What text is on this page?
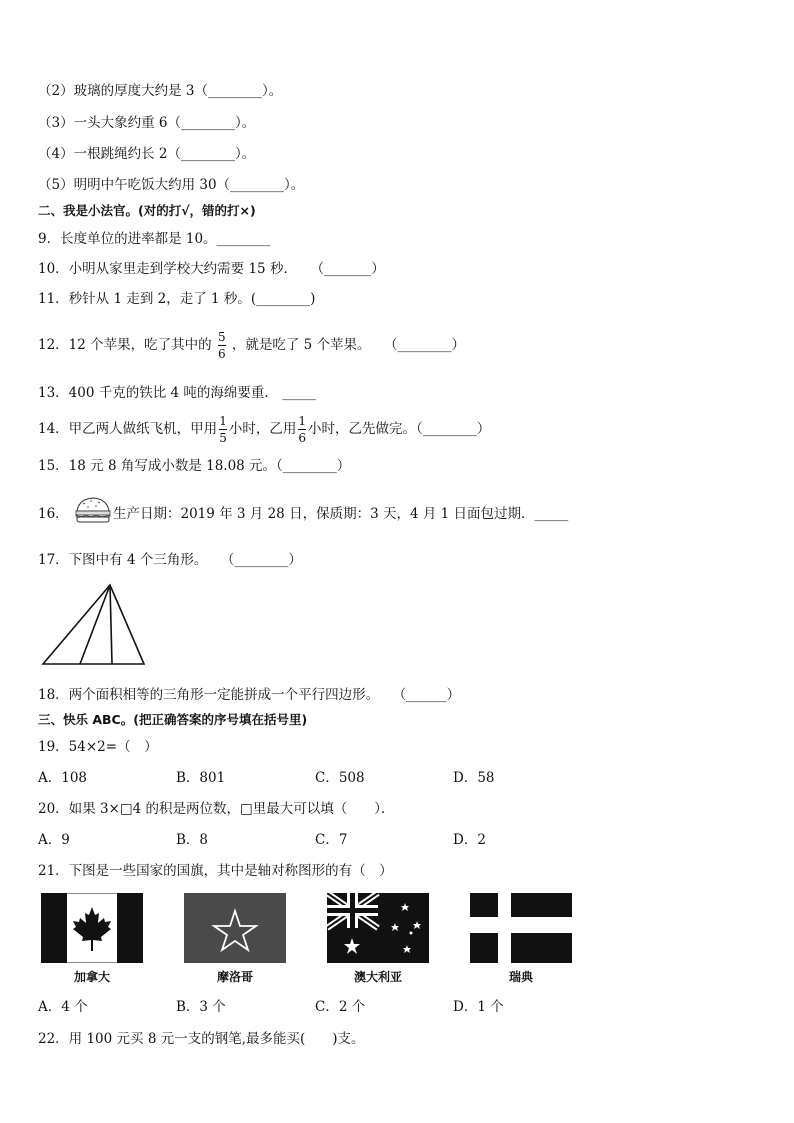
（2）玻璃的厚度大约是 3（________）。
（3）一头大象约重 6（________）。
（4）一根跳绳约长 2（________）。
（5）明明中午吃饭大约用 30（________）。
二、我是小法官。(对的打√，错的打×)
9．长度单位的进率都是 10。________
10．小明从家里走到学校大约需要 15 秒．　　（_______）
11．秒针从 1 走到 2，走了 1 秒。(________)
12．12 个苹果，吃了其中的 $\frac{5}{6}$ ，就是吃了 5 个苹果。　　（________）
13．400 千克的铁比 4 吨的海绵要重． _____
14．甲乙两人做纸飞机，甲用 $\frac{1}{5}$ 小时，乙用 $\frac{1}{6}$ 小时，乙先做完。（________）
15．18 元 8 角写成小数是 18.08 元。（________）
16．	生产日期：2019 年 3 月 28 日，保质期：3 天，4 月 1 日面包过期．_____
17．下图中有 4 个三角形。　　（________）
18．两个面积相等的三角形一定能拼成一个平行四边形。　　（______）
三、快乐 ABC。(把正确答案的序号填在括号里)
19．54×2=（　）
A．108	B．801	C．508	D．58
20．如果 3×□4 的积是两位数，□里最大可以填（　　）．
A．9	B．8	C．7	D．2
21．下图是一些国家的国旗，其中是轴对称图形的有（　）
加拿大	摩洛哥	澳大利亚	瑞典
A．4 个	B．3 个	C．2 个	D．1 个
22．用 100 元买 8 元一支的钢笔,最多能买(　　)支。
